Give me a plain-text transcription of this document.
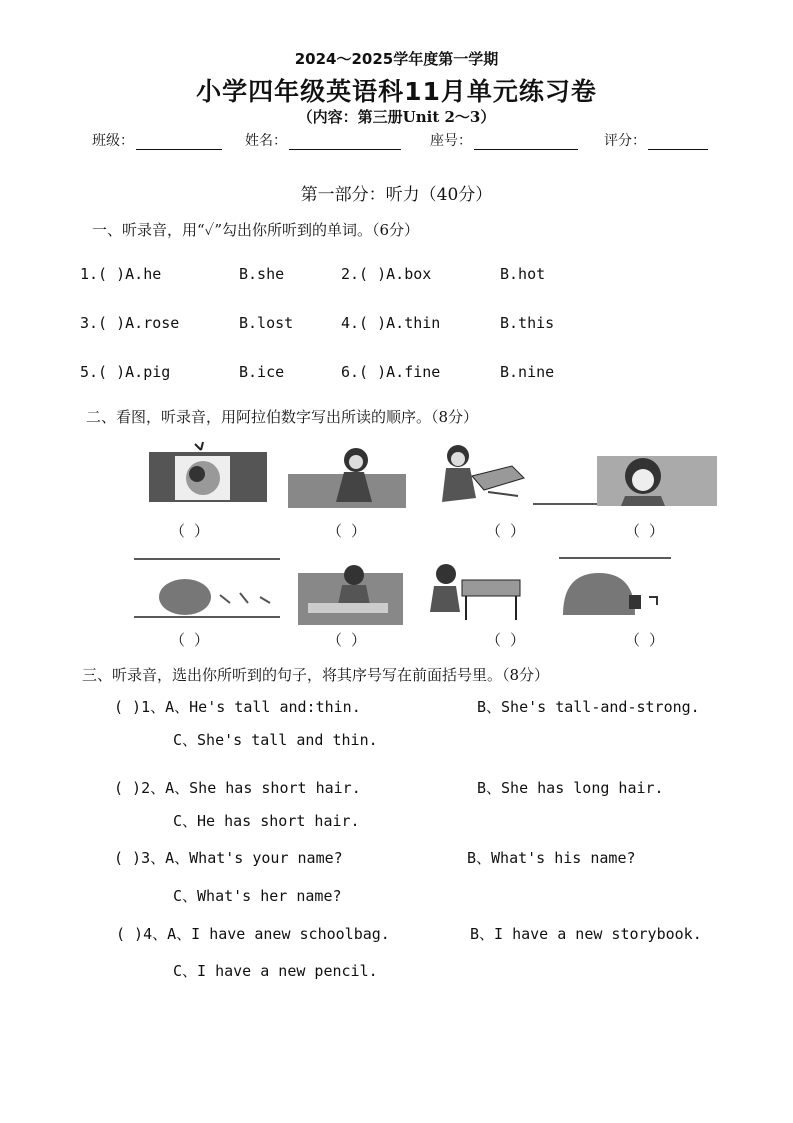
2024～2025学年度第一学期
小学四年级英语科11月单元练习卷
（内容：第三册Unit 2～3）
班级：	姓名：	座号：	评分：
第一部分：听力（40分）
一、听录音，用“✓”勾出你所听到的单词。（6分）
1.( )A.he	B.she	2.( )A.box	B.hot
3.( )A.rose	B.lost	4.( )A.thin	B.this
5.( )A.pig	B.ice	6.( )A.fine	B.nine
二、看图，听录音，用阿拉伯数字写出所读的顺序。（8分）
（ ）	（ ）	（ ）	（ ）
（ ）	（ ）	（ ）	（ ）
三、听录音，选出你所听到的句子，将其序号写在前面括号里。（8分）
( )1、A、He's tall and:thin.	B、She's tall-and-strong.
C、She's tall and thin.
( )2、A、She has short hair.	B、She has long hair.
C、He has short hair.
( )3、A、What's your name?	B、What's his name?
C、What's her name?
( )4、A、I have anew schoolbag.	B、I have a new storybook.
C、I have a new pencil.
